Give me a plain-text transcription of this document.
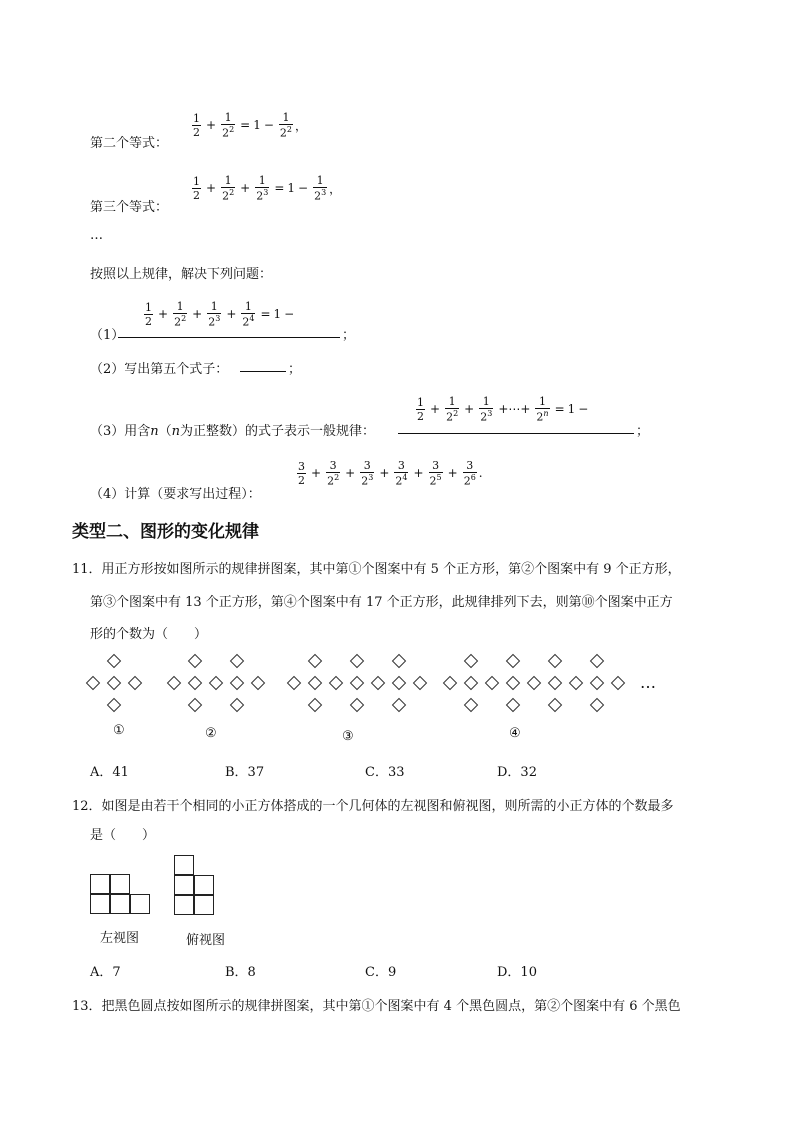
第二个等式：
$\frac{1}{2} + \frac{1}{2^2} = 1 - \frac{1}{2^2}$ ，
第三个等式：
$\frac{1}{2} + \frac{1}{2^2} + \frac{1}{2^3} = 1 - \frac{1}{2^3}$ ，
…
按照以上规律，解决下列问题：
（1）
$\frac{1}{2} + \frac{1}{2^2} + \frac{1}{2^3} + \frac{1}{2^4} = 1$ −
；
（2）写出第五个式子：	；
（3）用含n（n为正整数）的式子表示一般规律：
$\frac{1}{2} + \frac{1}{2^2} + \frac{1}{2^3}$ +⋯+ $\frac{1}{2^n} = 1$ −
；
（4）计算（要求写出过程）：
$\frac{3}{2} + \frac{3}{2^2} + \frac{3}{2^3} + \frac{3}{2^4} + \frac{3}{2^5} + \frac{3}{2^6}$ .
类型二、图形的变化规律
11．用正方形按如图所示的规律拼图案，其中第①个图案中有 5 个正方形，第②个图案中有 9 个正方形，
第③个图案中有 13 个正方形，第④个图案中有 17 个正方形，此规律排列下去，则第⑩个图案中正方
形的个数为（　　）
…
①	②	③	④
A．41	B．37	C．33	D．32
12．如图是由若干个相同的小正方体搭成的一个几何体的左视图和俯视图，则所需的小正方体的个数最多
是（　　）
左视图	俯视图
A．7	B．8	C．9	D．10
13．把黑色圆点按如图所示的规律拼图案，其中第①个图案中有 4 个黑色圆点，第②个图案中有 6 个黑色
